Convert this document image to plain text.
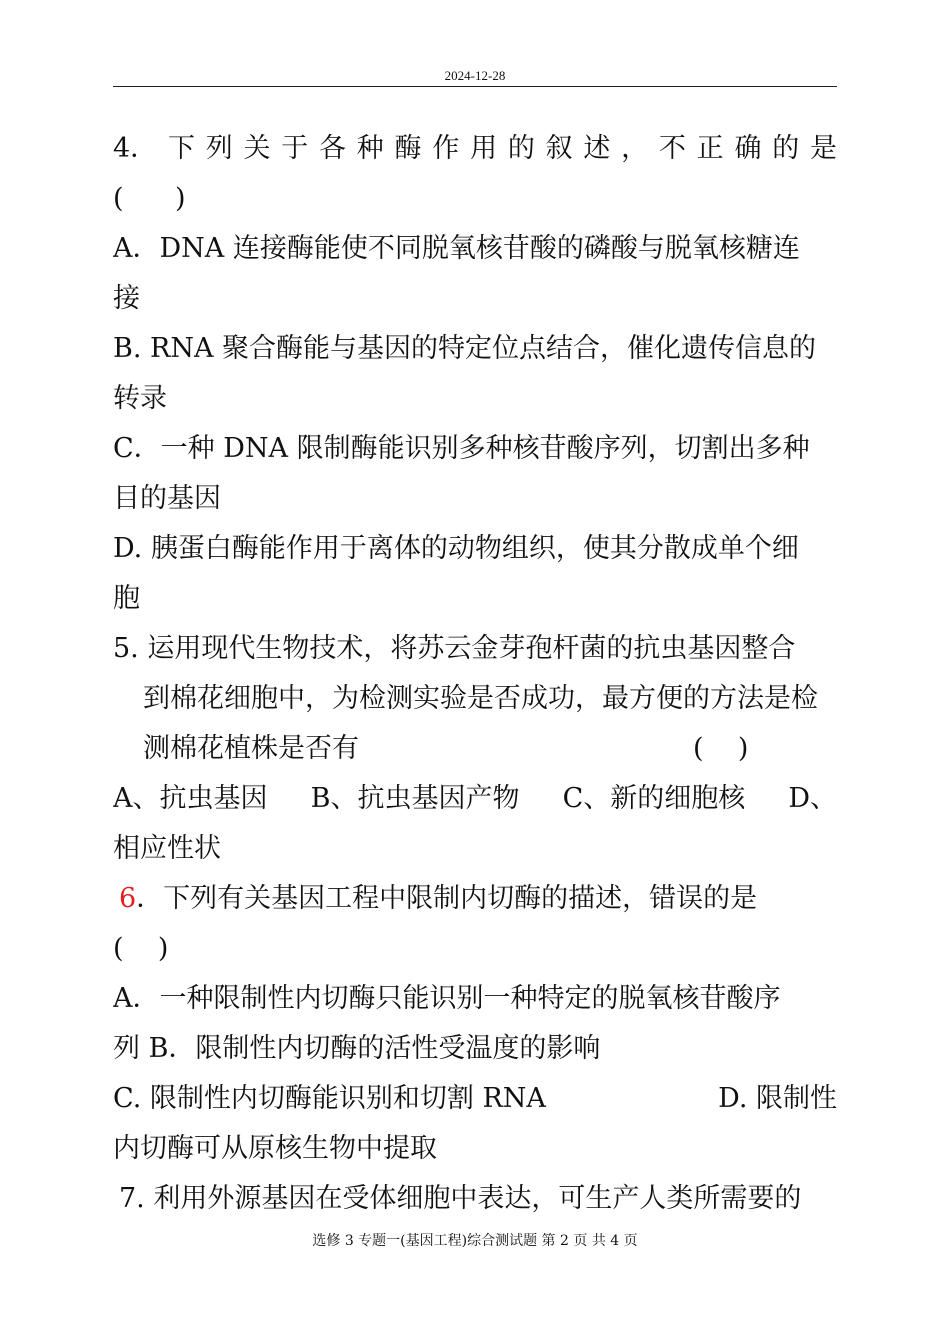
2024-12-28
4． 下 列 关 于 各 种 酶 作 用 的 叙 述 ， 不 正 确 的 是
(      )
A．DNA 连接酶能使不同脱氧核苷酸的磷酸与脱氧核糖连
接
B. RNA 聚合酶能与基因的特定位点结合，催化遗传信息的
转录
C．一种 DNA 限制酶能识别多种核苷酸序列，切割出多种
目的基因
D. 胰蛋白酶能作用于离体的动物组织，使其分散成单个细
胞
5. 运用现代生物技术，将苏云金芽孢杆菌的抗虫基因整合
到棉花细胞中，为检测实验是否成功，最方便的方法是检
测棉花植株是否有	(    )
A、抗虫基因 B、抗虫基因产物 C、新的细胞核 D、
相应性状
6．下列有关基因工程中限制内切酶的描述，错误的是
(    )
A．一种限制性内切酶只能识别一种特定的脱氧核苷酸序
列 B．限制性内切酶的活性受温度的影响
C. 限制性内切酶能识别和切割 RNA	D. 限制性
内切酶可从原核生物中提取
7. 利用外源基因在受体细胞中表达，可生产人类所需要的
选修 3 专题一(基因工程)综合测试题 第 2 页 共 4 页
